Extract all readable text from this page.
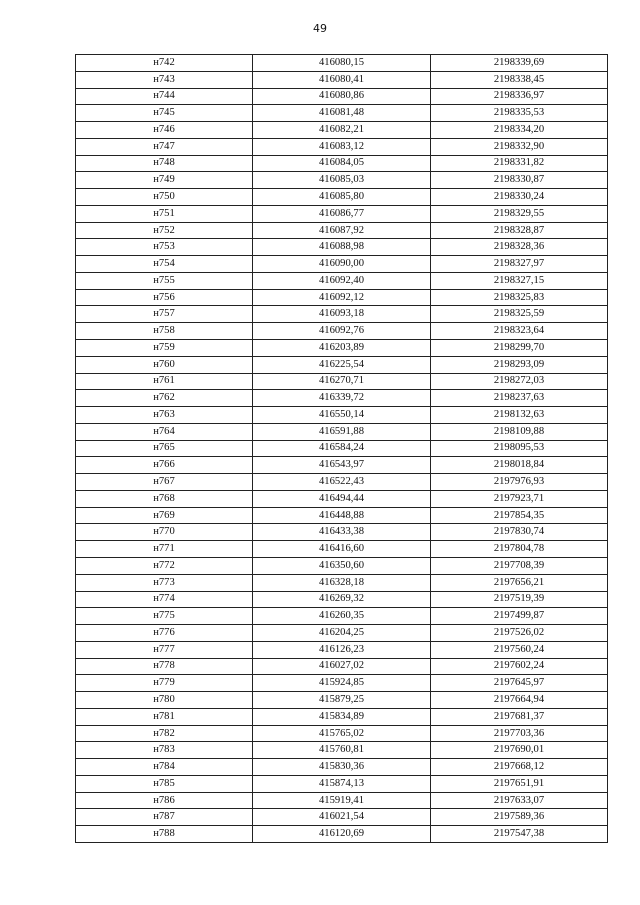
49
н742	416080,15	2198339,69
н743	416080,41	2198338,45
н744	416080,86	2198336,97
н745	416081,48	2198335,53
н746	416082,21	2198334,20
н747	416083,12	2198332,90
н748	416084,05	2198331,82
н749	416085,03	2198330,87
н750	416085,80	2198330,24
н751	416086,77	2198329,55
н752	416087,92	2198328,87
н753	416088,98	2198328,36
н754	416090,00	2198327,97
н755	416092,40	2198327,15
н756	416092,12	2198325,83
н757	416093,18	2198325,59
н758	416092,76	2198323,64
н759	416203,89	2198299,70
н760	416225,54	2198293,09
н761	416270,71	2198272,03
н762	416339,72	2198237,63
н763	416550,14	2198132,63
н764	416591,88	2198109,88
н765	416584,24	2198095,53
н766	416543,97	2198018,84
н767	416522,43	2197976,93
н768	416494,44	2197923,71
н769	416448,88	2197854,35
н770	416433,38	2197830,74
н771	416416,60	2197804,78
н772	416350,60	2197708,39
н773	416328,18	2197656,21
н774	416269,32	2197519,39
н775	416260,35	2197499,87
н776	416204,25	2197526,02
н777	416126,23	2197560,24
н778	416027,02	2197602,24
н779	415924,85	2197645,97
н780	415879,25	2197664,94
н781	415834,89	2197681,37
н782	415765,02	2197703,36
н783	415760,81	2197690,01
н784	415830,36	2197668,12
н785	415874,13	2197651,91
н786	415919,41	2197633,07
н787	416021,54	2197589,36
н788	416120,69	2197547,38
